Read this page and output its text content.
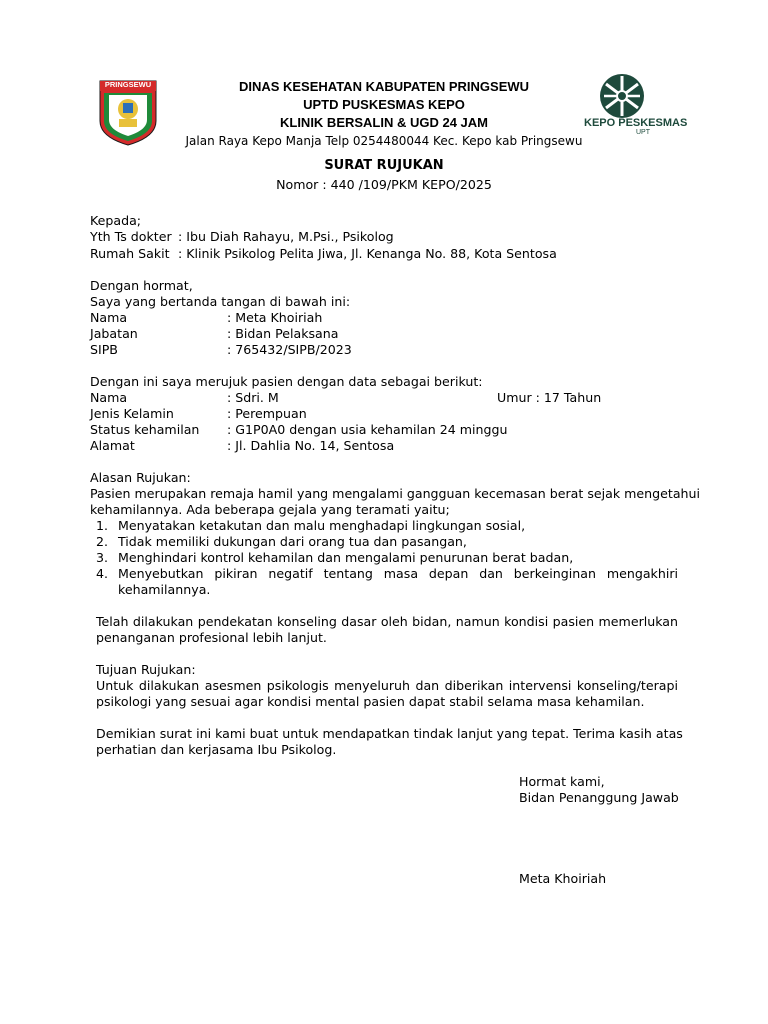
PRINGSEWU	DINAS KESEHATAN KABUPATEN PRINGSEWU
UPTD PUSKESMAS KEPO
KLINIK BERSALIN & UGD 24 JAM
Jalan Raya Kepo Manja Telp 0254480044 Kec. Kepo kab Pringsewu
KEPO PESKESMAS
UPT
SURAT RUJUKAN
Nomor : 440 /109/PKM KEPO/2025
Kepada;
Yth Ts dokter : Ibu Diah Rahayu, M.Psi., Psikolog
Rumah Sakit : Klinik Psikolog Pelita Jiwa, Jl. Kenanga No. 88, Kota Sentosa
Dengan hormat,
Saya yang bertanda tangan di bawah ini:
Nama	: Meta Khoiriah
Jabatan	: Bidan Pelaksana
SIPB	: 765432/SIPB/2023
Dengan ini saya merujuk pasien dengan data sebagai berikut:
Nama	: Sdri. M	Umur : 17 Tahun
Jenis Kelamin	: Perempuan
Status kehamilan : G1P0A0 dengan usia kehamilan 24 minggu
Alamat	: Jl. Dahlia No. 14, Sentosa
Alasan Rujukan:
Pasien merupakan remaja hamil yang mengalami gangguan kecemasan berat sejak mengetahui
kehamilannya. Ada beberapa gejala yang teramati yaitu;
1. Menyatakan ketakutan dan malu menghadapi lingkungan sosial,
2. Tidak memiliki dukungan dari orang tua dan pasangan,
3. Menghindari kontrol kehamilan dan mengalami penurunan berat badan,
4. Menyebutkan pikiran negatif tentang masa depan dan berkeinginan mengakhiri
kehamilannya.
Telah dilakukan pendekatan konseling dasar oleh bidan, namun kondisi pasien memerlukan
penanganan profesional lebih lanjut.
Tujuan Rujukan:
Untuk dilakukan asesmen psikologis menyeluruh dan diberikan intervensi konseling/terapi
psikologi yang sesuai agar kondisi mental pasien dapat stabil selama masa kehamilan.
Demikian surat ini kami buat untuk mendapatkan tindak lanjut yang tepat. Terima kasih atas
perhatian dan kerjasama Ibu Psikolog.
Hormat kami,
Bidan Penanggung Jawab
Meta Khoiriah
